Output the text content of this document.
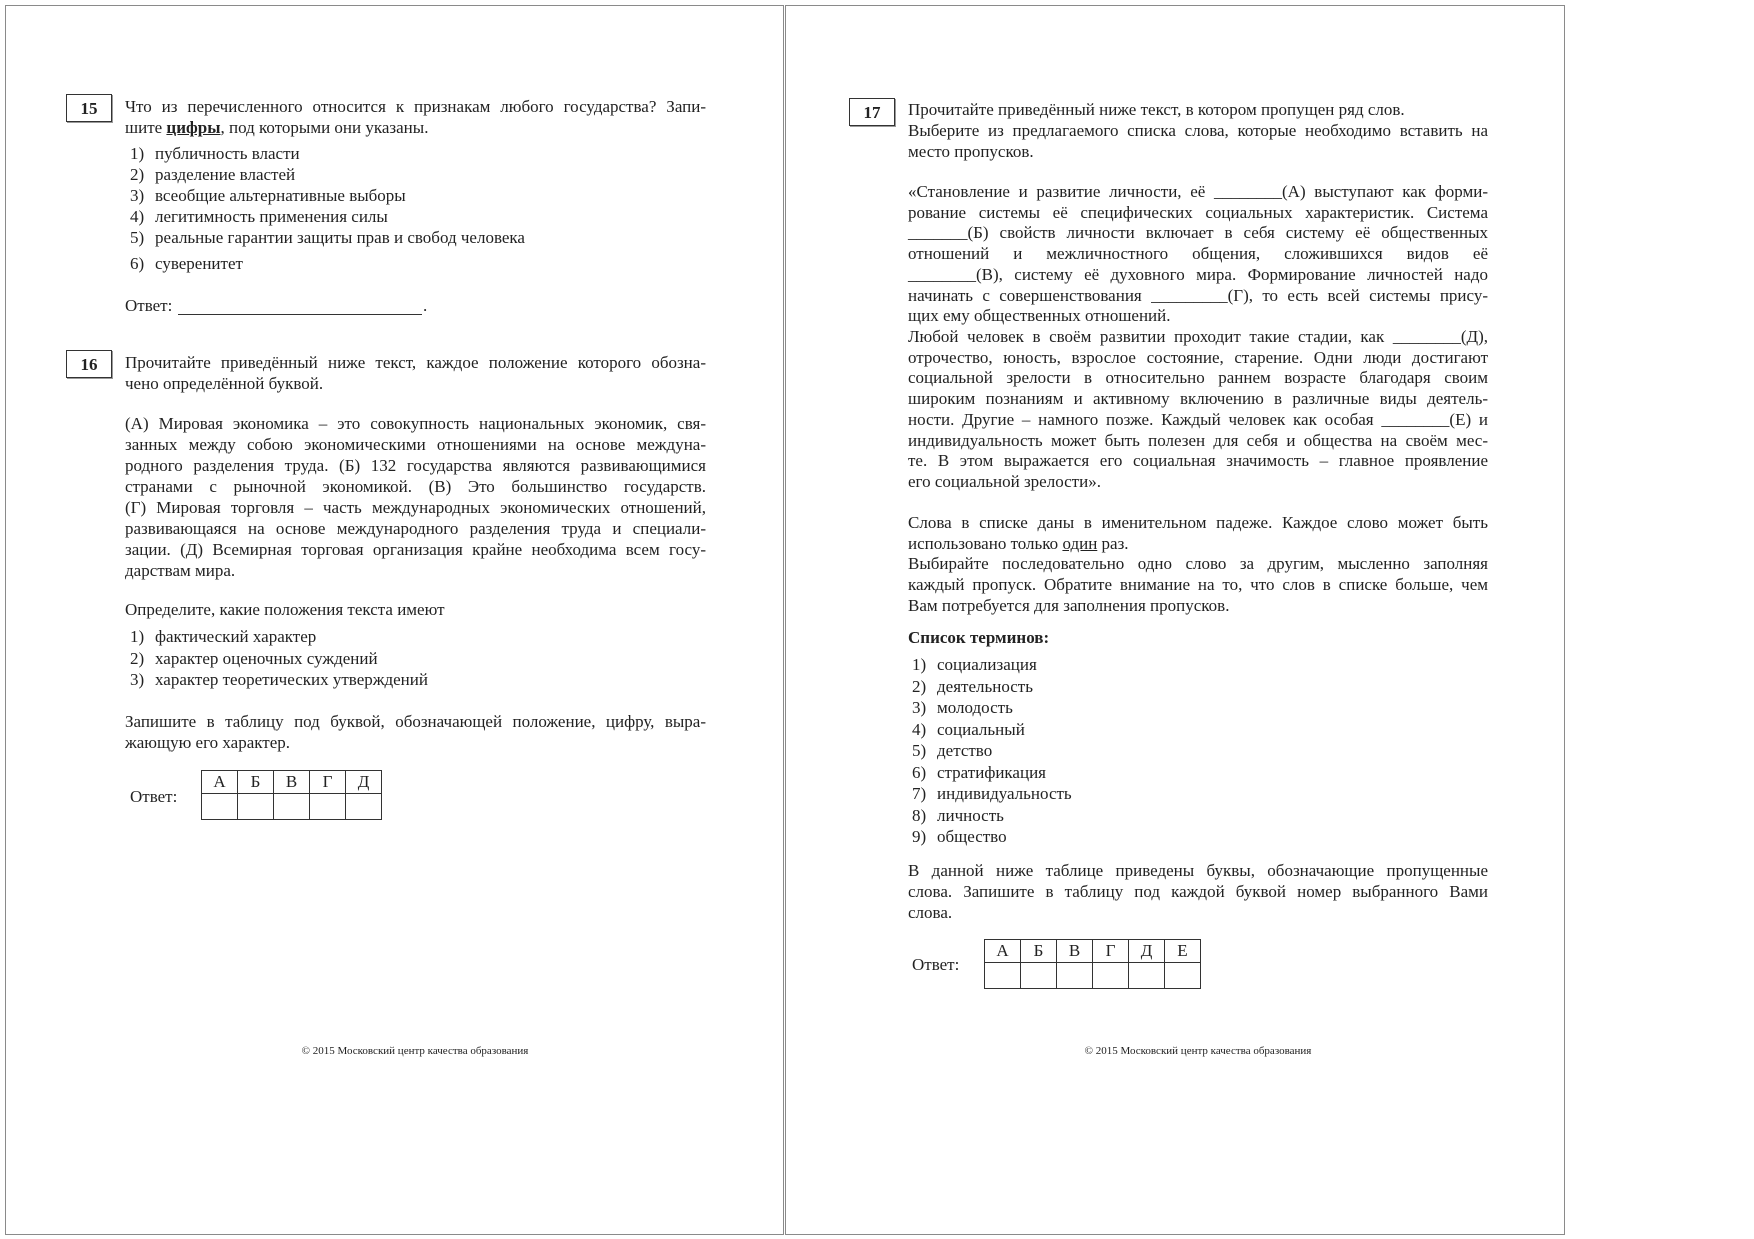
15
Ответ:	.
16
Ответ:
А	Б	В	Г	Д

© 2015 Московский центр качества образования
17
Список терминов:
Ответ:
А	Б	В	Г	Д	Е

© 2015 Московский центр качества образования
Что из перечисленного относится к признакам любого государства? Запи-
шите цифры, под которыми они указаны.
Прочитайте приведённый ниже текст, каждое положение которого обозна-
чено определённой буквой.
(А) Мировая экономика – это совокупность национальных экономик, свя-
занных между собою экономическими отношениями на основе междуна-
родного разделения труда. (Б) 132 государства являются развивающимися
странами с рыночной экономикой. (В) Это большинство государств.
(Г) Мировая торговля – часть международных экономических отношений,
развивающаяся на основе международного разделения труда и специали-
зации. (Д) Всемирная торговая организация крайне необходима всем госу-
дарствам мира.
Запишите в таблицу под буквой, обозначающей положение, цифру, выра-
жающую его характер.
Прочитайте приведённый ниже текст, в котором пропущен ряд слов.
Выберите из предлагаемого списка слова, которые необходимо вставить на
место пропусков.
«Становление и развитие личности, её ________(А) выступают как форми-
рование системы её специфических социальных характеристик. Система
_______(Б) свойств личности включает в себя систему её общественных
отношений и межличностного общения, сложившихся видов её
________(В), систему её духовного мира. Формирование личностей надо
начинать с совершенствования _________(Г), то есть всей системы прису-
щих ему общественных отношений.
Любой человек в своём развитии проходит такие стадии, как ________(Д),
отрочество, юность, взрослое состояние, старение. Одни люди достигают
социальной зрелости в относительно раннем возрасте благодаря своим
широким познаниям и активному включению в различные виды деятель-
ности. Другие – намного позже. Каждый человек как особая ________(Е) и
индивидуальность может быть полезен для себя и общества на своём мес-
те. В этом выражается его социальная значимость – главное проявление
его социальной зрелости».
Слова в списке даны в именительном падеже. Каждое слово может быть
использовано только один раз.
Выбирайте последовательно одно слово за другим, мысленно заполняя
каждый пропуск. Обратите внимание на то, что слов в списке больше, чем
Вам потребуется для заполнения пропусков.
В данной ниже таблице приведены буквы, обозначающие пропущенные
слова. Запишите в таблицу под каждой буквой номер выбранного Вами
слова.
1) публичность власти
2) разделение властей
3) всеобщие альтернативные выборы
4) легитимность применения силы
5) реальные гарантии защиты прав и свобод человека
6) суверенитет
1) фактический характер
2) характер оценочных суждений
3) характер теоретических утверждений
1) социализация
2) деятельность
3) молодость
4) социальный
5) детство
6) стратификация
7) индивидуальность
8) личность
9) общество
Определите, какие положения текста имеют
